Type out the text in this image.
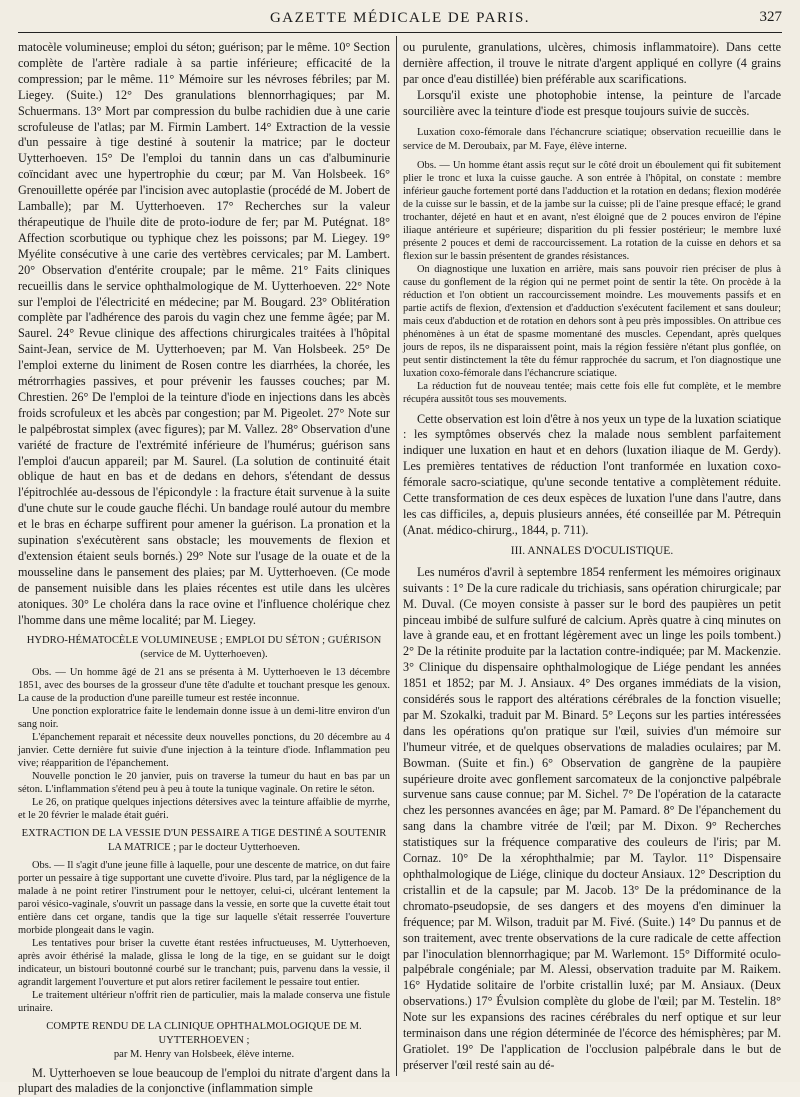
GAZETTE MÉDICALE DE PARIS.	327

matocèle volumineuse; emploi du séton; guérison; par le même. 10° Section complète de l'artère radiale à sa partie inférieure; efficacité de la compression; par le même. 11° Mémoire sur les névroses fébriles; par M. Liegey. (Suite.) 12° Des granulations blennorrhagiques; par M. Schuermans. 13° Mort par compression du bulbe rachidien due à une carie scrofuleuse de l'atlas; par M. Firmin Lambert. 14° Extraction de la vessie d'un pessaire à tige destiné à soutenir la matrice; par le docteur Uytterhoeven. 15° De l'emploi du tannin dans un cas d'albuminurie coïncidant avec une hypertrophie du cœur; par M. Van Holsbeek. 16° Grenouillette opérée par l'incision avec autoplastie (procédé de M. Jobert de Lamballe); par M. Uytterhoeven. 17° Recherches sur la valeur thérapeutique de l'huile dite de proto-iodure de fer; par M. Putégnat. 18° Affection scorbutique ou typhique chez les poissons; par M. Liegey. 19° Myélite consécutive à une carie des vertèbres cervicales; par M. Lambert. 20° Observation d'entérite croupale; par le même. 21° Faits cliniques recueillis dans le service ophthalmologique de M. Uytterhoeven. 22° Note sur l'emploi de l'électricité en médecine; par M. Bougard. 23° Oblitération complète par l'adhérence des parois du vagin chez une femme âgée; par M. Saurel. 24° Revue clinique des affections chirurgicales traitées à l'hôpital Saint-Jean, service de M. Uytterhoeven; par M. Van Holsbeek. 25° De l'emploi externe du liniment de Rosen contre les diarrhées, la chorée, les métrorrhagies passives, et pour prévenir les fausses couches; par M. Chrestien. 26° De l'emploi de la teinture d'iode en injections dans les abcès froids scrofuleux et les abcès par congestion; par M. Pigeolet. 27° Note sur le palpébrostat simplex (avec figures); par M. Vallez. 28° Observation d'une variété de fracture de l'extrémité inférieure de l'humérus; guérison sans l'emploi d'aucun appareil; par M. Saurel. (La solution de continuité était oblique de haut en bas et de dedans en dehors, s'étendant de dessus l'épitrochlée au-dessous de l'épicondyle : la fracture était survenue à la suite d'une chute sur le coude gauche fléchi. Un bandage roulé autour du membre et le bras en écharpe suffirent pour amener la guérison. La pronation et la supination s'exécutèrent sans obstacle; les mouvements de flexion et d'extension étaient seuls bornés.) 29° Note sur l'usage de la ouate et de la mousseline dans le pansement des plaies; par M. Uytterhoeven. (Ce mode de pansement nuisible dans les plaies récentes est utile dans les ulcères atoniques. 30° Le choléra dans la race ovine et l'influence cholérique chez l'homme dans une même localité; par M. Liegey.

HYDRO-HÉMATOCÈLE VOLUMINEUSE ; EMPLOI DU SÉTON ; GUÉRISON
(service de M. Uytterhoeven).

Obs. — Un homme âgé de 21 ans se présenta à M. Uytterhoeven le 13 décembre 1851, avec des bourses de la grosseur d'une tête d'adulte et touchant presque les genoux. La cause de la production d'une pareille tumeur est restée inconnue.

Une ponction exploratrice faite le lendemain donne issue à un demi-litre environ d'un sang noir.

L'épanchement reparait et nécessite deux nouvelles ponctions, du 20 décembre au 4 janvier. Cette dernière fut suivie d'une injection à la teinture d'iode. Inflammation peu vive; réapparition de l'épanchement.

Nouvelle ponction le 20 janvier, puis on traverse la tumeur du haut en bas par un séton. L'inflammation s'étend peu à peu à toute la tunique vaginale. On retire le séton.

Le 26, on pratique quelques injections détersives avec la teinture affaiblie de myrrhe, et le 20 février le malade était guéri.

EXTRACTION DE LA VESSIE D'UN PESSAIRE A TIGE DESTINÉ A SOUTENIR LA MATRICE ; par le docteur Uytterhoeven.

Obs. — Il s'agit d'une jeune fille à laquelle, pour une descente de matrice, on dut faire porter un pessaire à tige supportant une cuvette d'ivoire. Plus tard, par la négligence de la malade à ne point retirer l'instrument pour le nettoyer, celui-ci, ulcérant lentement la paroi vésico-vaginale, s'ouvrit un passage dans la vessie, en sorte que la cuvette était tout entière dans cet organe, tandis que la tige sur laquelle s'était resserrée l'ouverture morbide plongeait dans le vagin.

Les tentatives pour briser la cuvette étant restées infructueuses, M. Uytterhoeven, après avoir éthérisé la malade, glissa le long de la tige, en se guidant sur le doigt indicateur, un bistouri boutonné courbé sur le tranchant; puis, parvenu dans la vessie, il agrandit largement l'ouverture et put alors retirer facilement le pessaire tout entier.

Le traitement ultérieur n'offrit rien de particulier, mais la malade conserva une fistule urinaire.

COMPTE RENDU DE LA CLINIQUE OPHTHALMOLOGIQUE DE M. UYTTERHOEVEN ;
par M. Henry van Holsbeek, élève interne.

M. Uytterhoeven se loue beaucoup de l'emploi du nitrate d'argent dans la plupart des maladies de la conjonctive (inflammation simple

ou purulente, granulations, ulcères, chimosis inflammatoire). Dans cette dernière affection, il trouve le nitrate d'argent appliqué en collyre (4 grains par once d'eau distillée) bien préférable aux scarifications.

Lorsqu'il existe une photophobie intense, la peinture de l'arcade sourcilière avec la teinture d'iode est presque toujours suivie de succès.

Luxation coxo-fémorale dans l'échancrure sciatique; observation recueillie dans le service de M. Deroubaix, par M. Faye, élève interne.

Obs. — Un homme étant assis reçut sur le côté droit un éboulement qui fit subitement plier le tronc et luxa la cuisse gauche. A son entrée à l'hôpital, on constate : membre inférieur gauche fortement porté dans l'adduction et la rotation en dedans; flexion modérée de la cuisse sur le bassin, et de la jambe sur la cuisse; pli de l'aine presque effacé; le grand trochanter, déjeté en haut et en avant, n'est éloigné que de 2 pouces environ de l'épine iliaque antérieure et supérieure; disparition du pli fessier postérieur; le membre luxé présente 2 pouces et demi de raccourcissement. La rotation de la cuisse en dehors et sa flexion sur le bassin présentent de grandes résistances.

On diagnostique une luxation en arrière, mais sans pouvoir rien préciser de plus à cause du gonflement de la région qui ne permet point de sentir la tête. On procède à la réduction et l'on obtient un raccourcissement moindre. Les mouvements passifs et en partie actifs de flexion, d'extension et d'adduction s'exécutent facilement et sans douleur; mais ceux d'abduction et de rotation en dehors sont à peu près impossibles. On attribue ces phénomènes à un état de spasme momentané des muscles. Cependant, après quelques jours de repos, ils ne disparaissent point, mais la région fessière n'étant plus gonflée, on peut sentir distinctement la tête du fémur rapprochée du sacrum, et l'on diagnostique une luxation coxo-fémorale dans l'échancrure sciatique.

La réduction fut de nouveau tentée; mais cette fois elle fut complète, et le membre récupéra aussitôt tous ses mouvements.

Cette observation est loin d'être à nos yeux un type de la luxation sciatique : les symptômes observés chez la malade nous semblent parfaitement indiquer une luxation en haut et en dehors (luxation iliaque de M. Gerdy). Les premières tentatives de réduction l'ont tranformée en luxation coxo-fémorale sacro-sciatique, qu'une seconde tentative a complètement réduite. Cette transformation de ces deux espèces de luxation l'une dans l'autre, dans les cas difficiles, a, depuis plusieurs années, été conseillée par M. Pétrequin (Anat. médico-chirurg., 1844, p. 711).

III. ANNALES D'OCULISTIQUE.

Les numéros d'avril à septembre 1854 renferment les mémoires originaux suivants : 1° De la cure radicale du trichiasis, sans opération chirurgicale; par M. Duval. (Ce moyen consiste à passer sur le bord des paupières un petit pinceau imbibé de sulfure sulfuré de calcium. Après quatre à cinq minutes on lave à grande eau, et en frottant légèrement avec un linge les poils tombent.) 2° De la rétinite produite par la lactation contre-indiquée; par M. Mackenzie. 3° Clinique du dispensaire ophthalmologique de Liége pendant les années 1851 et 1852; par M. J. Ansiaux. 4° Des organes immédiats de la vision, considérés sous le rapport des altérations cérébrales de la fonction visuelle; par M. Szokalki, traduit par M. Binard. 5° Leçons sur les parties intéressées dans les opérations qu'on pratique sur l'œil, suivies d'un mémoire sur l'humeur vitrée, et de quelques observations de maladies oculaires; par M. Bowman. (Suite et fin.) 6° Observation de gangrène de la paupière supérieure droite avec gonflement sarcomateux de la conjonctive palpébrale survenue sans cause connue; par M. Sichel. 7° De l'opération de la cataracte chez les personnes avancées en âge; par M. Pamard. 8° De l'épanchement du sang dans la chambre vitrée de l'œil; par M. Dixon. 9° Recherches statistiques sur la fréquence comparative des couleurs de l'iris; par M. Cornaz. 10° De la xérophthalmie; par M. Taylor. 11° Dispensaire ophthalmologique de Liége, clinique du docteur Ansiaux. 12° Description du cristallin et de la capsule; par M. Jacob. 13° De la prédominance de la chromato-pseudopsie, de ses dangers et des moyens d'en diminuer la fréquence; par M. Wilson, traduit par M. Fivé. (Suite.) 14° Du pannus et de son traitement, avec trente observations de la cure radicale de cette affection par l'inoculation blennorrhagique; par M. Warlemont. 15° Difformité oculo-palpébrale congéniale; par M. Alessi, observation traduite par M. Raikem. 16° Hydatide solitaire de l'orbite cristallin luxé; par M. Ansiaux. (Deux observations.) 17° Évulsion complète du globe de l'œil; par M. Testelin. 18° Note sur les expansions des racines cérébrales du nerf optique et sur leur terminaison dans une région déterminée de l'écorce des hémisphères; par M. Gratiolet. 19° De l'application de l'occlusion palpébrale dans le but de préserver l'œil resté sain au dé-
